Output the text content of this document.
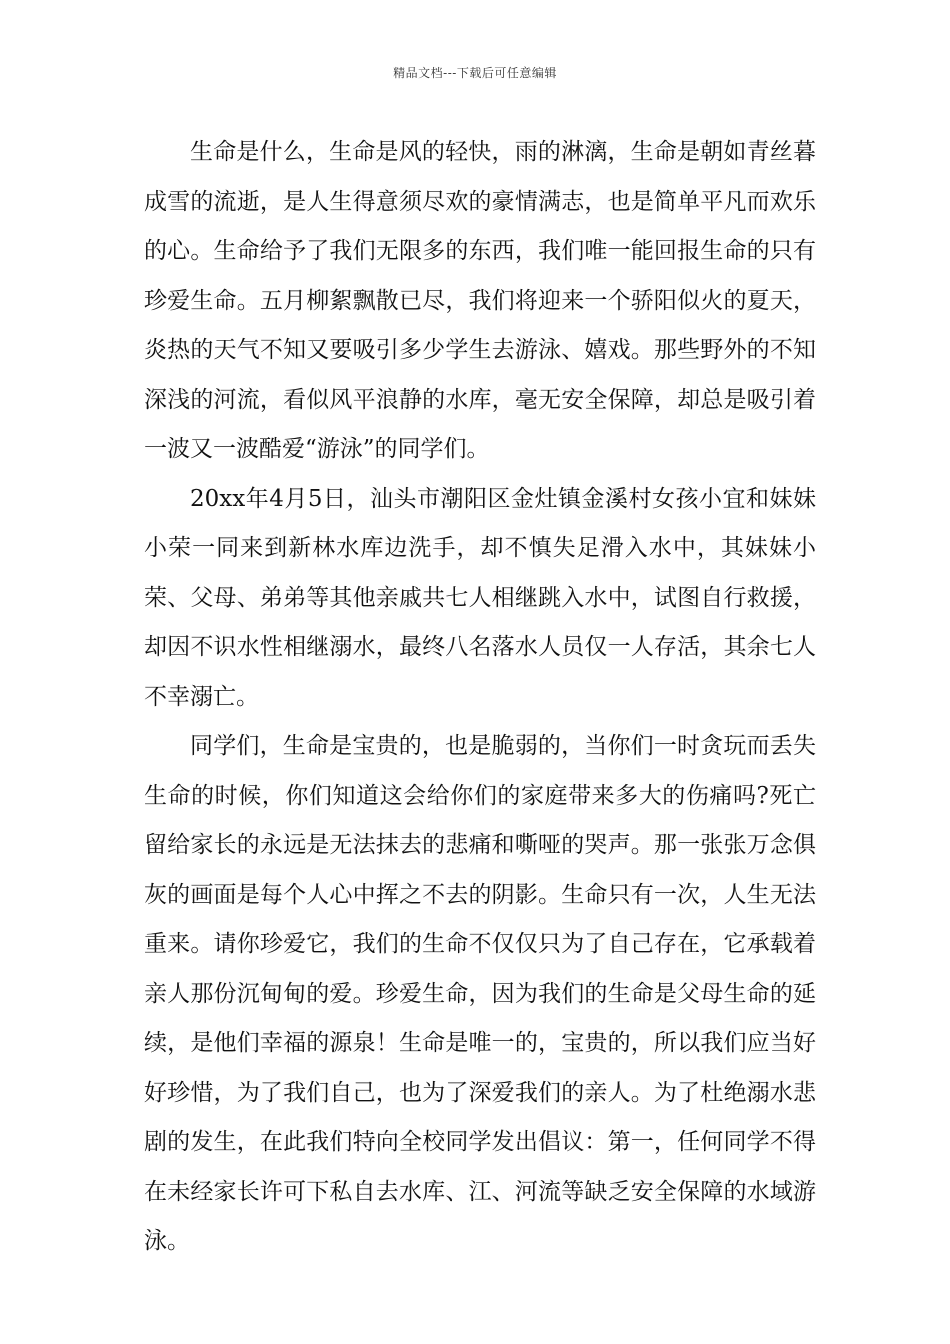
精品文档---下载后可任意编辑

生命是什么，生命是风的轻快，雨的淋漓，生命是朝如青丝暮成雪的流逝，是人生得意须尽欢的豪情满志，也是简单平凡而欢乐的心。生命给予了我们无限多的东西，我们唯一能回报生命的只有珍爱生命。五月柳絮飘散已尽，我们将迎来一个骄阳似火的夏天，炎热的天气不知又要吸引多少学生去游泳、嬉戏。那些野外的不知深浅的河流，看似风平浪静的水库，毫无安全保障，却总是吸引着一波又一波酷爱“游泳”的同学们。

20xx年4月5日，汕头市潮阳区金灶镇金溪村女孩小宜和妹妹小荣一同来到新林水库边洗手，却不慎失足滑入水中，其妹妹小荣、父母、弟弟等其他亲戚共七人相继跳入水中，试图自行救援，却因不识水性相继溺水，最终八名落水人员仅一人存活，其余七人不幸溺亡。

同学们，生命是宝贵的，也是脆弱的，当你们一时贪玩而丢失生命的时候，你们知道这会给你们的家庭带来多大的伤痛吗?死亡留给家长的永远是无法抹去的悲痛和嘶哑的哭声。那一张张万念俱灰的画面是每个人心中挥之不去的阴影。生命只有一次，人生无法重来。请你珍爱它，我们的生命不仅仅只为了自己存在，它承载着亲人那份沉甸甸的爱。珍爱生命，因为我们的生命是父母生命的延续，是他们幸福的源泉！生命是唯一的，宝贵的，所以我们应当好好珍惜，为了我们自己，也为了深爱我们的亲人。为了杜绝溺水悲剧的发生，在此我们特向全校同学发出倡议：第一，任何同学不得在未经家长许可下私自去水库、江、河流等缺乏安全保障的水域游泳。
